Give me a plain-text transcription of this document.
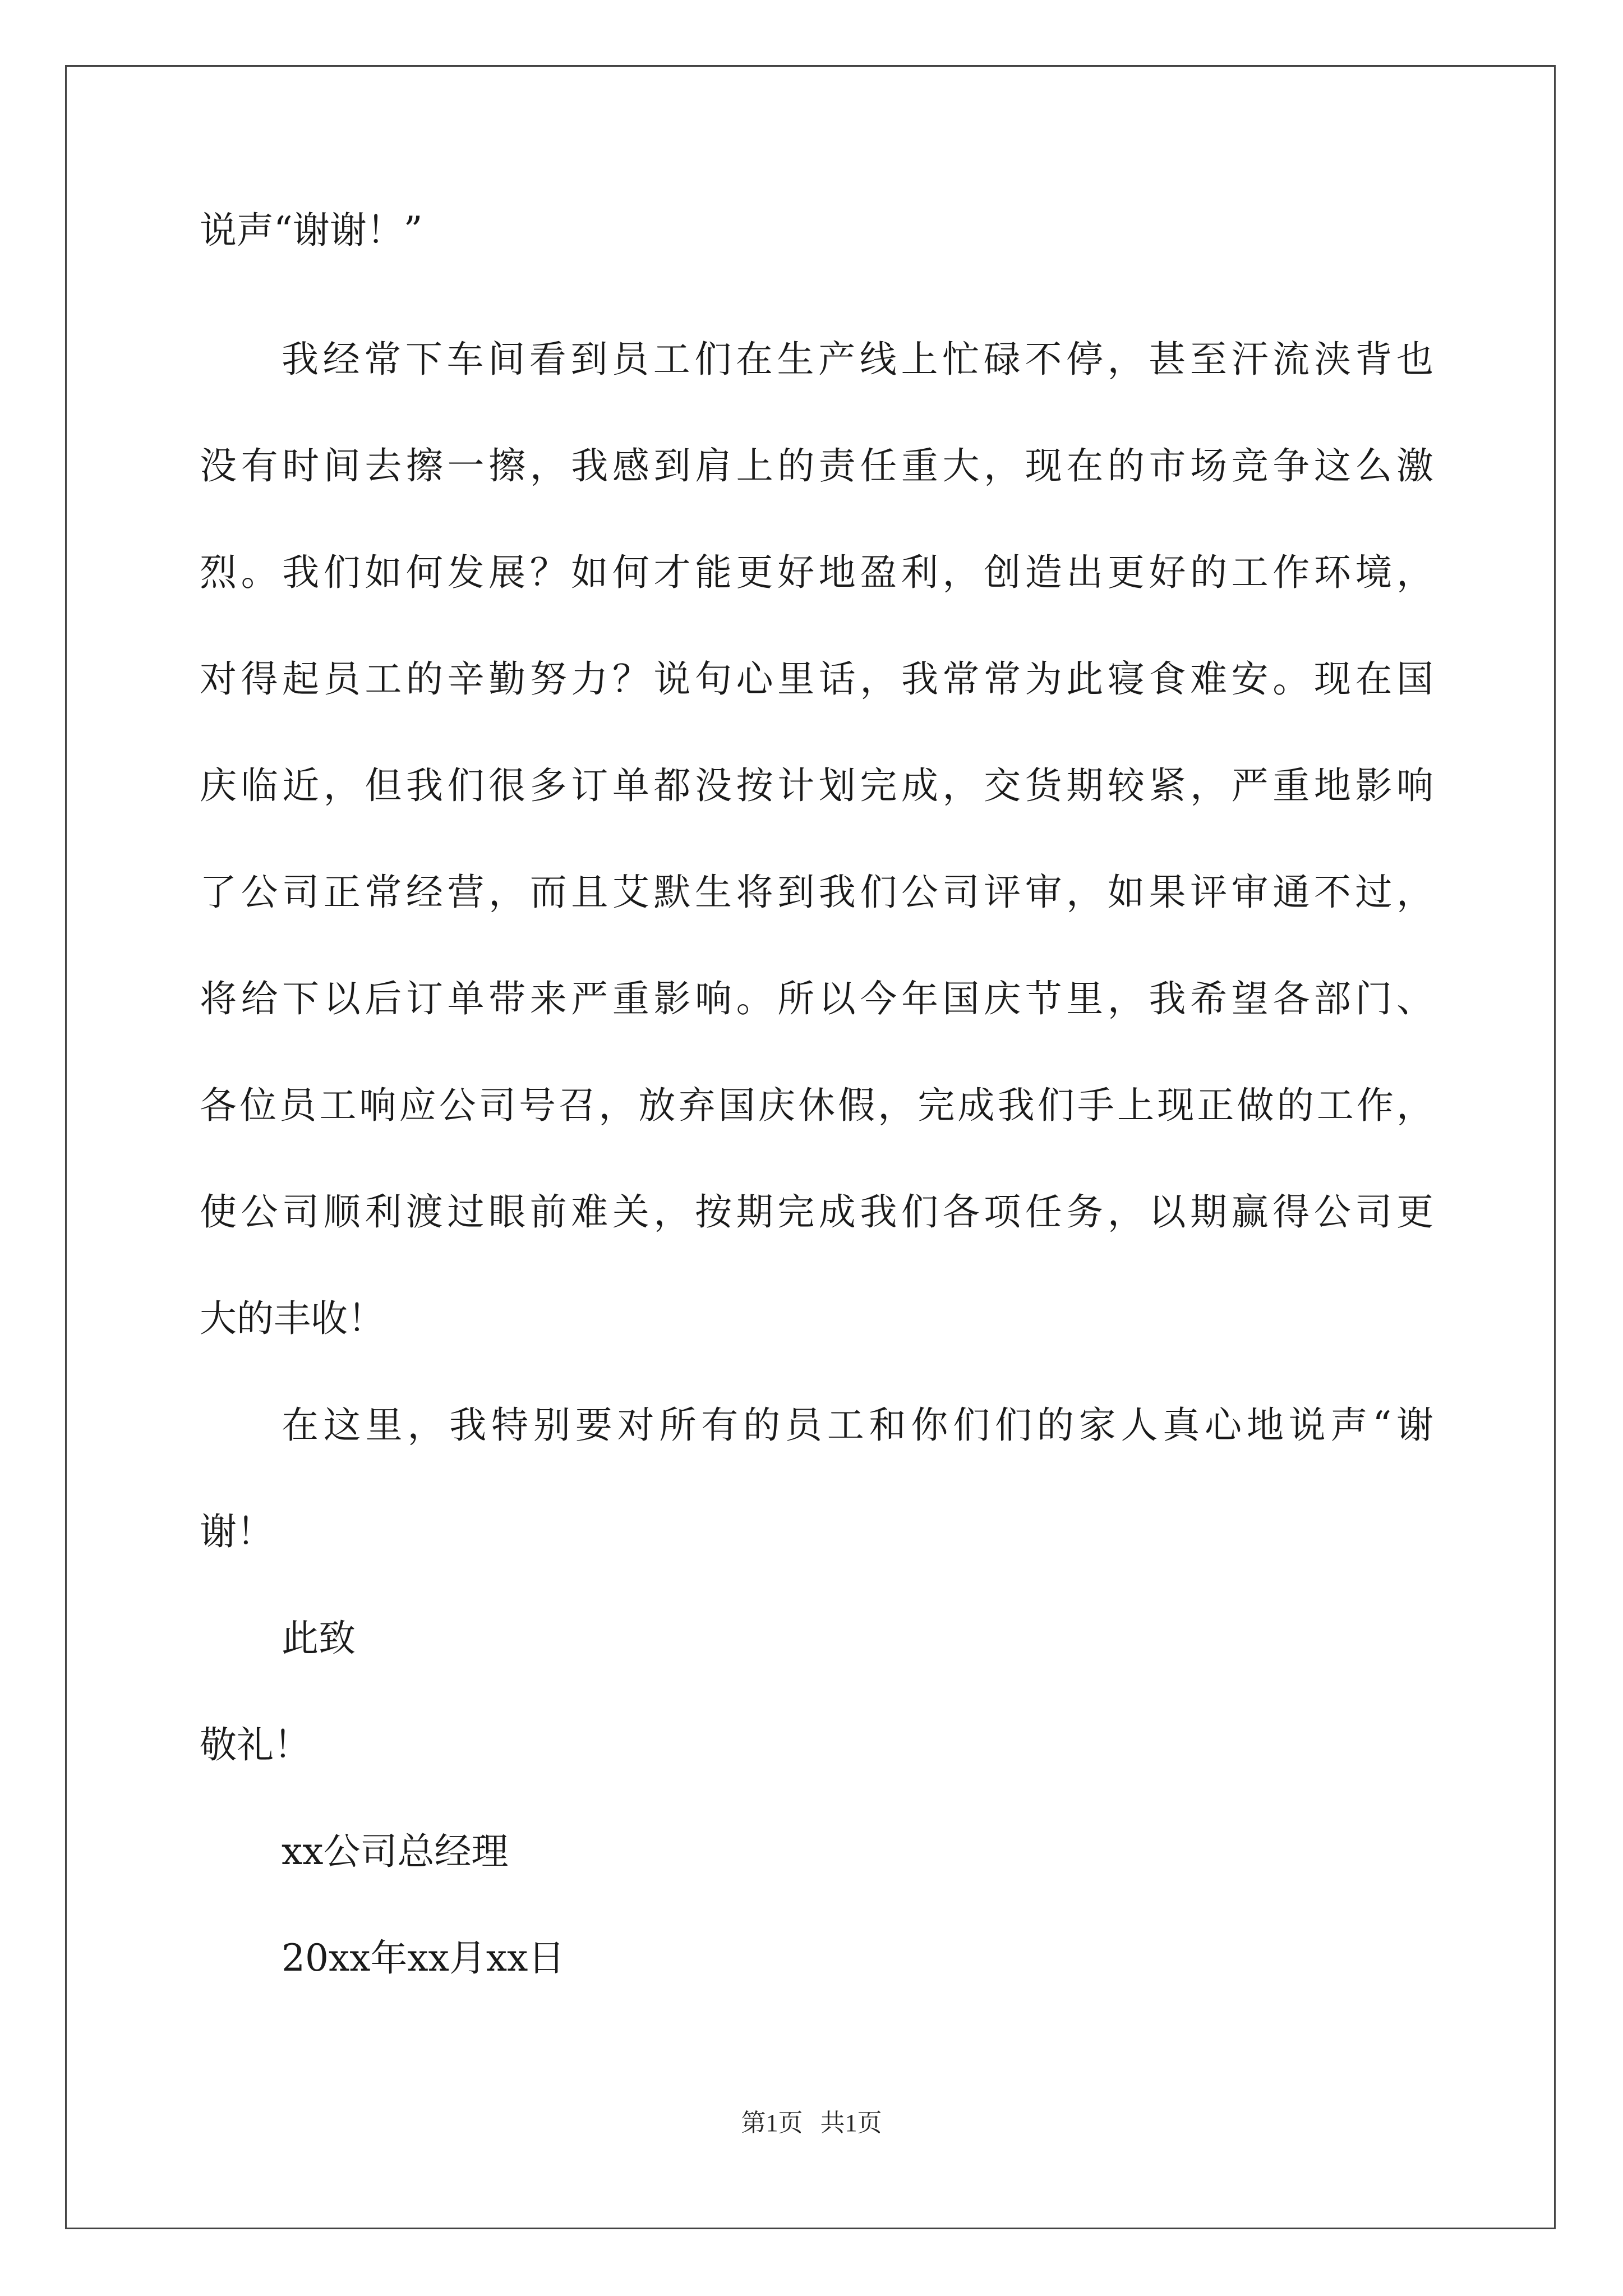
说声“谢谢！”
我经常下车间看到员工们在生产线上忙碌不停，甚至汗流浃背也
没有时间去擦一擦，我感到肩上的责任重大，现在的市场竞争这么激
烈。我们如何发展？如何才能更好地盈利，创造出更好的工作环境，
对得起员工的辛勤努力？说句心里话，我常常为此寝食难安。现在国
庆临近，但我们很多订单都没按计划完成，交货期较紧，严重地影响
了公司正常经营，而且艾默生将到我们公司评审，如果评审通不过，
将给下以后订单带来严重影响。所以今年国庆节里，我希望各部门、
各位员工响应公司号召，放弃国庆休假，完成我们手上现正做的工作，
使公司顺利渡过眼前难关，按期完成我们各项任务，以期赢得公司更
大的丰收！
在这里，我特别要对所有的员工和你们们的家人真心地说声“谢
谢！
此致
敬礼！
xx公司总经理
20xx年xx月xx日
第1页 共1页
